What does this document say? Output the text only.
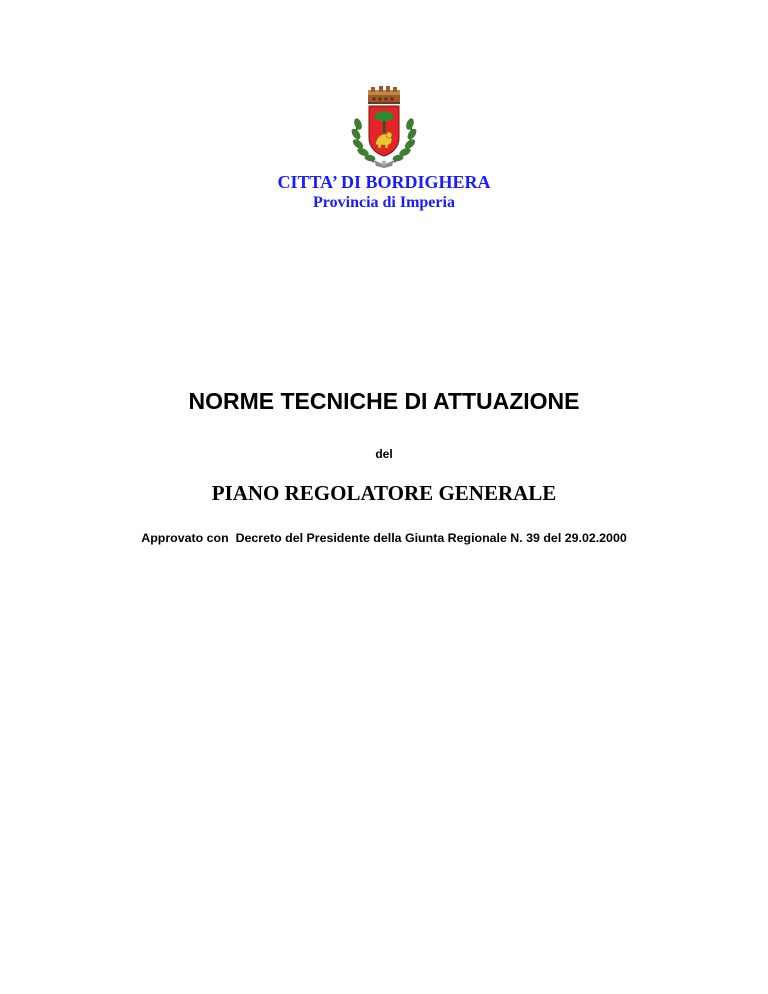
CITTA’ DI BORDIGHERA
Provincia di Imperia
NORME TECNICHE DI ATTUAZIONE
del
PIANO REGOLATORE GENERALE
Approvato con  Decreto del Presidente della Giunta Regionale N. 39 del 29.02.2000
